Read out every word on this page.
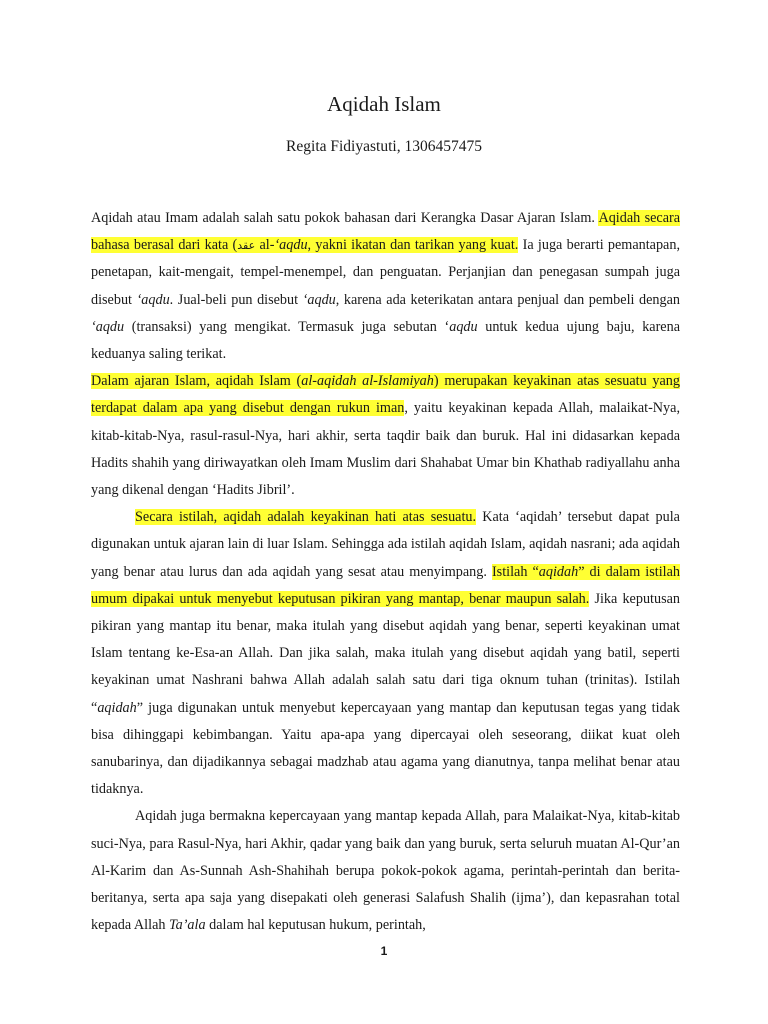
Aqidah Islam
Regita Fidiyastuti, 1306457475

Aqidah atau Imam adalah salah satu pokok bahasan dari Kerangka Dasar Ajaran Islam. Aqidah secara bahasa berasal dari kata (عقد al-‘aqdu, yakni ikatan dan tarikan yang kuat. Ia juga berarti pemantapan, penetapan, kait-mengait, tempel-menempel, dan penguatan. Perjanjian dan penegasan sumpah juga disebut ‘aqdu. Jual-beli pun disebut ‘aqdu, karena ada keterikatan antara penjual dan pembeli dengan ‘aqdu (transaksi) yang mengikat. Termasuk juga sebutan ‘aqdu untuk kedua ujung baju, karena keduanya saling terikat.

Dalam ajaran Islam, aqidah Islam (al-aqidah al-Islamiyah) merupakan keyakinan atas sesuatu yang terdapat dalam apa yang disebut dengan rukun iman, yaitu keyakinan kepada Allah, malaikat-Nya, kitab-kitab-Nya, rasul-rasul-Nya, hari akhir, serta taqdir baik dan buruk. Hal ini didasarkan kepada Hadits shahih yang diriwayatkan oleh Imam Muslim dari Shahabat Umar bin Khathab radiyallahu anha yang dikenal dengan ‘Hadits Jibril’.

Secara istilah, aqidah adalah keyakinan hati atas sesuatu. Kata ‘aqidah’ tersebut dapat pula digunakan untuk ajaran lain di luar Islam. Sehingga ada istilah aqidah Islam, aqidah nasrani; ada aqidah yang benar atau lurus dan ada aqidah yang sesat atau menyimpang. Istilah “aqidah” di dalam istilah umum dipakai untuk menyebut keputusan pikiran yang mantap, benar maupun salah. Jika keputusan pikiran yang mantap itu benar, maka itulah yang disebut aqidah yang benar, seperti keyakinan umat Islam tentang ke-Esa-an Allah. Dan jika salah, maka itulah yang disebut aqidah yang batil, seperti keyakinan umat Nashrani bahwa Allah adalah salah satu dari tiga oknum tuhan (trinitas). Istilah “aqidah” juga digunakan untuk menyebut kepercayaan yang mantap dan keputusan tegas yang tidak bisa dihinggapi kebimbangan. Yaitu apa-apa yang dipercayai oleh seseorang, diikat kuat oleh sanubarinya, dan dijadikannya sebagai madzhab atau agama yang dianutnya, tanpa melihat benar atau tidaknya.

Aqidah juga bermakna kepercayaan yang mantap kepada Allah, para Malaikat-Nya, kitab-kitab suci-Nya, para Rasul-Nya, hari Akhir, qadar yang baik dan yang buruk, serta seluruh muatan Al-Qur’an Al-Karim dan As-Sunnah Ash-Shahihah berupa pokok-pokok agama, perintah-perintah dan berita-beritanya, serta apa saja yang disepakati oleh generasi Salafush Shalih (ijma’), dan kepasrahan total kepada Allah Ta’ala dalam hal keputusan hukum, perintah,

1
